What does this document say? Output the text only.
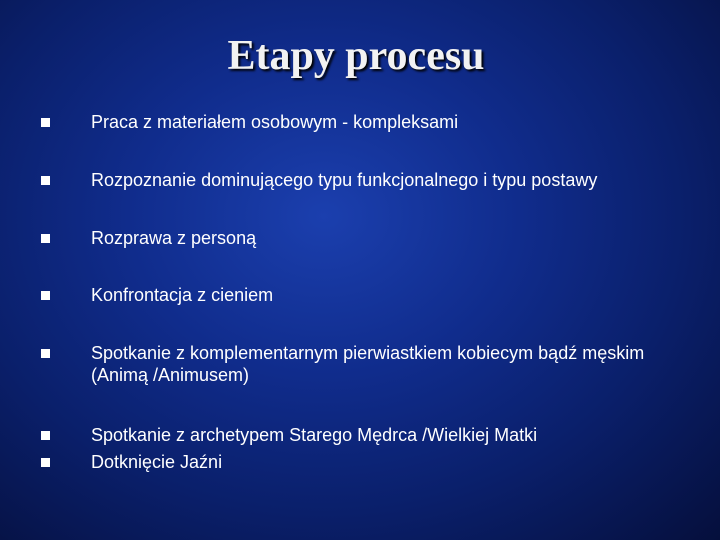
Etapy procesu
Praca z materiałem osobowym - kompleksami
Rozpoznanie dominującego typu funkcjonalnego i typu postawy
Rozprawa z personą
Konfrontacja z cieniem
Spotkanie z komplementarnym pierwiastkiem kobiecym bądź męskim (Animą /Animusem)
Spotkanie z archetypem Starego Mędrca /Wielkiej Matki
Dotknięcie Jaźni
